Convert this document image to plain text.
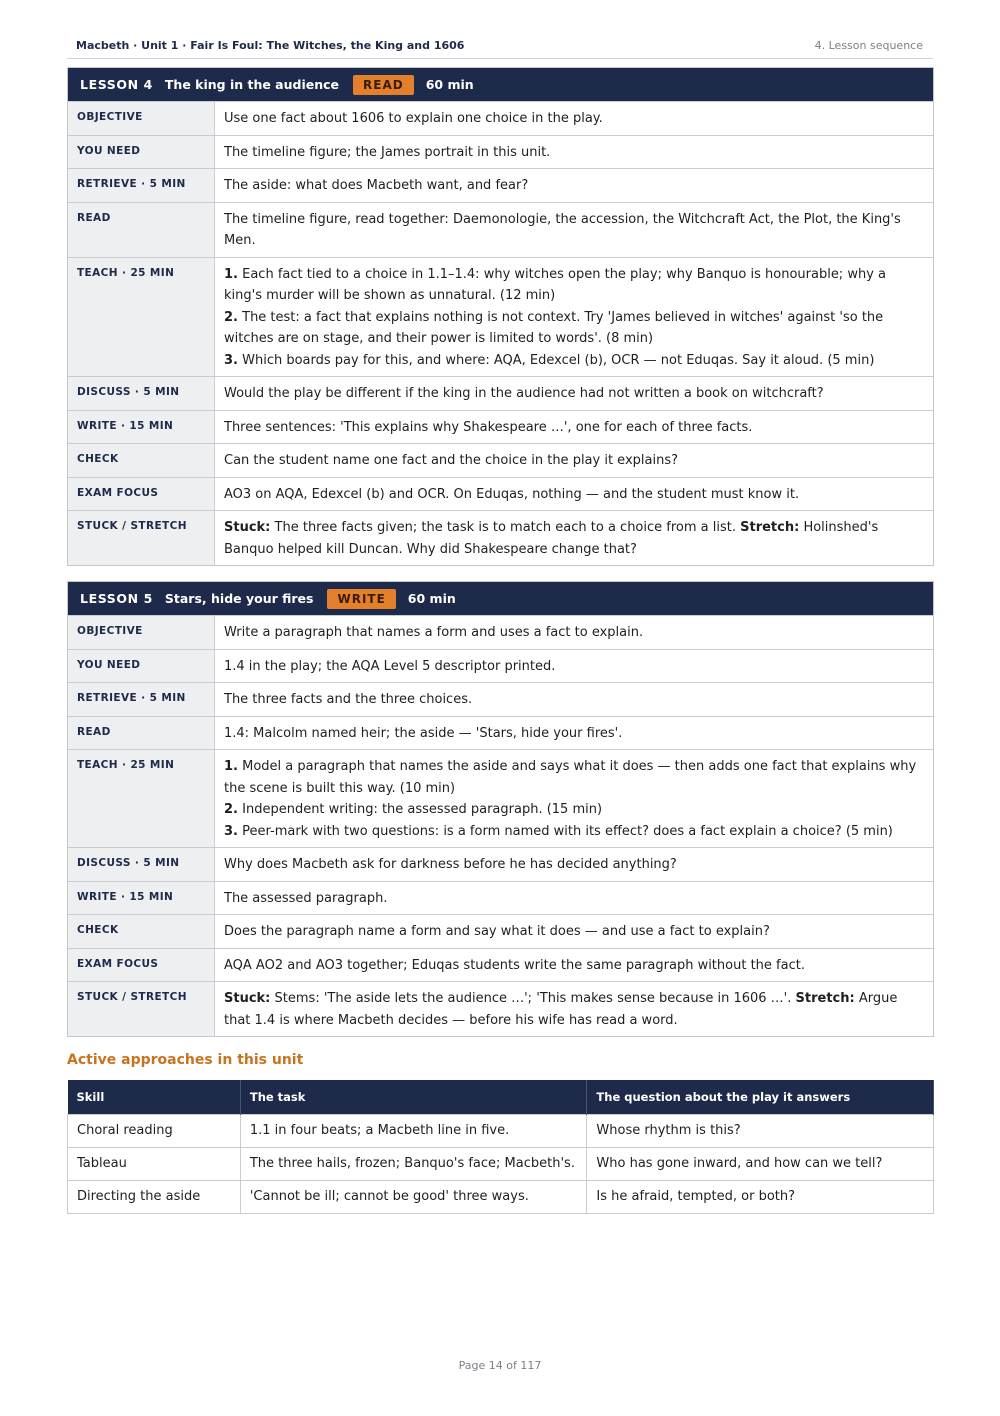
Macbeth · Unit 1 · Fair Is Foul: The Witches, the King and 1606	4. Lesson sequence
LESSON 4 The king in the audience	READ	60 min
OBJECTIVE	Use one fact about 1606 to explain one choice in the play.
YOU NEED	The timeline figure; the James portrait in this unit.
RETRIEVE · 5 MIN	The aside: what does Macbeth want, and fear?
READ	The timeline figure, read together: Daemonologie, the accession, the Witchcraft Act, the Plot, the King's Men.
TEACH · 25 MIN	1. Each fact tied to a choice in 1.1–1.4: why witches open the play; why Banquo is honourable; why a king's murder will be shown as unnatural. (12 min)
2. The test: a fact that explains nothing is not context. Try 'James believed in witches' against 'so the witches are on stage, and their power is limited to words'. (8 min)
3. Which boards pay for this, and where: AQA, Edexcel (b), OCR — not Eduqas. Say it aloud. (5 min)
DISCUSS · 5 MIN	Would the play be different if the king in the audience had not written a book on witchcraft?
WRITE · 15 MIN	Three sentences: 'This explains why Shakespeare …', one for each of three facts.
CHECK	Can the student name one fact and the choice in the play it explains?
EXAM FOCUS	AO3 on AQA, Edexcel (b) and OCR. On Eduqas, nothing — and the student must know it.
STUCK / STRETCH	Stuck: The three facts given; the task is to match each to a choice from a list. Stretch: Holinshed's Banquo helped kill Duncan. Why did Shakespeare change that?
LESSON 5 Stars, hide your fires	WRITE	60 min
OBJECTIVE	Write a paragraph that names a form and uses a fact to explain.
YOU NEED	1.4 in the play; the AQA Level 5 descriptor printed.
RETRIEVE · 5 MIN	The three facts and the three choices.
READ	1.4: Malcolm named heir; the aside — 'Stars, hide your fires'.
TEACH · 25 MIN	1. Model a paragraph that names the aside and says what it does — then adds one fact that explains why the scene is built this way. (10 min)
2. Independent writing: the assessed paragraph. (15 min)
3. Peer-mark with two questions: is a form named with its effect? does a fact explain a choice? (5 min)
DISCUSS · 5 MIN	Why does Macbeth ask for darkness before he has decided anything?
WRITE · 15 MIN	The assessed paragraph.
CHECK	Does the paragraph name a form and say what it does — and use a fact to explain?
EXAM FOCUS	AQA AO2 and AO3 together; Eduqas students write the same paragraph without the fact.
STUCK / STRETCH	Stuck: Stems: 'The aside lets the audience …'; 'This makes sense because in 1606 …'. Stretch: Argue that 1.4 is where Macbeth decides — before his wife has read a word.
Active approaches in this unit
Skill	The task	The question about the play it answers
Choral reading	1.1 in four beats; a Macbeth line in five.	Whose rhythm is this?
Tableau	The three hails, frozen; Banquo's face; Macbeth's.	Who has gone inward, and how can we tell?
Directing the aside	'Cannot be ill; cannot be good' three ways.	Is he afraid, tempted, or both?
Page 14 of 117
